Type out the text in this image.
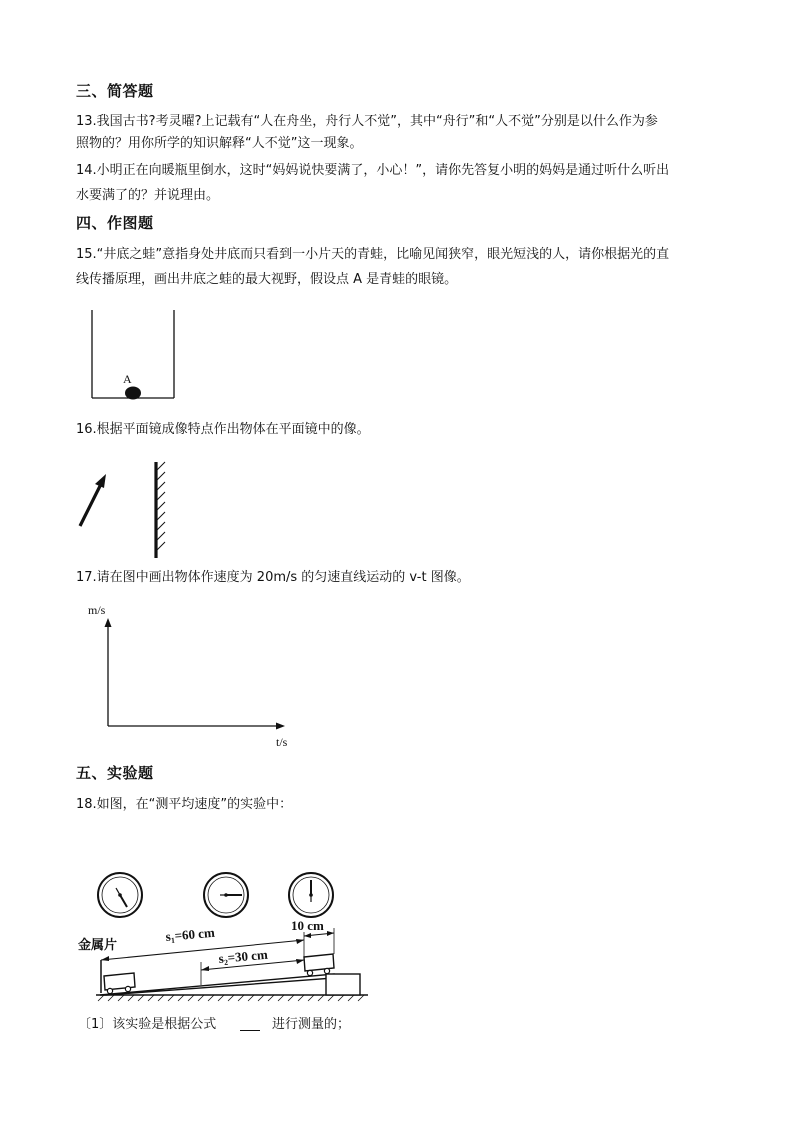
三、简答题
13.我国古书?考灵曜?上记载有“人在舟坐，舟行人不觉”，其中“舟行”和“人不觉”分别是以什么作为参
照物的？用你所学的知识解释“人不觉”这一现象。
14.小明正在向暖瓶里倒水，这时“妈妈说快要满了，小心！”，请你先答复小明的妈妈是通过听什么听出
水要满了的？并说理由。
四、作图题
15.“井底之蛙”意指身处井底而只看到一小片天的青蛙，比喻见闻狭窄，眼光短浅的人，请你根据光的直
线传播原理，画出井底之蛙的最大视野，假设点 A 是青蛙的眼镜。
A
16.根据平面镜成像特点作出物体在平面镜中的像。
17.请在图中画出物体作速度为 20m/s 的匀速直线运动的 v-t 图像。
m/s
t/s
五、实验题
18.如图，在“测平均速度”的实验中：
金属片
s₁=60 cm
s₂=30 cm
10 cm
〔1〕该实验是根据公式	进行测量的；
